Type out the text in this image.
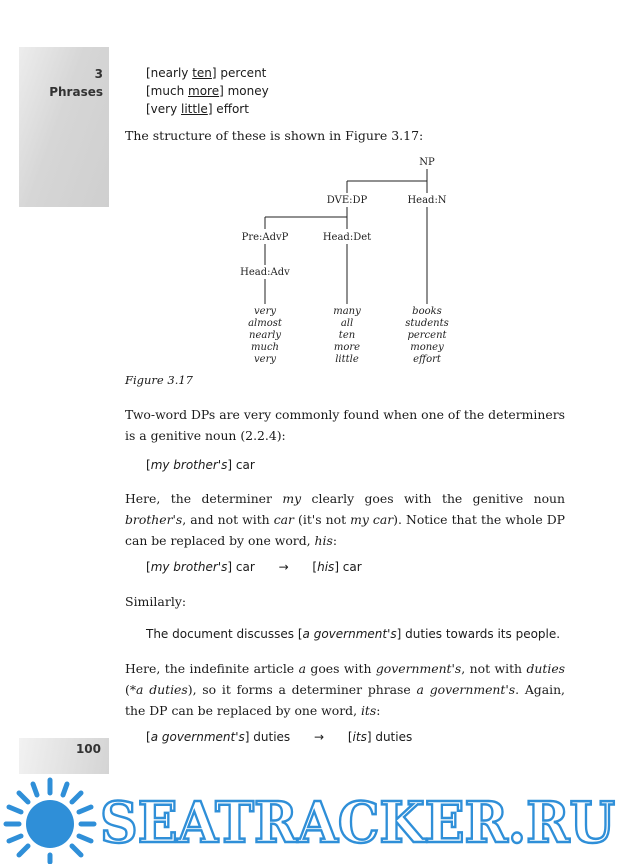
3
Phrases
[nearly ten] percent
[much more] money
[very little] effort
The structure of these is shown in Figure 3.17:
NP
DVE:DP	Head:N
Pre:AdvP	Head:Det
Head:Adv
very
almost
nearly
much
very
many
all
ten
more
little
books
students
percent
money
effort
Figure 3.17
Two-word DPs are very commonly found when one of the determiners is a genitive noun (2.2.4):
[my brother's] car
Here, the determiner my clearly goes with the genitive noun brother's, and not with car (it's not my car). Notice that the whole DP can be replaced by one word, his:
[my brother's] car → [his] car
Similarly:
The document discusses [a government's] duties towards its people.
Here, the indefinite article a goes with government's, not with duties (*a duties), so it forms a determiner phrase a government's. Again, the DP can be replaced by one word, its:
[a government's] duties → [its] duties
100
SEATRACKER.RU
